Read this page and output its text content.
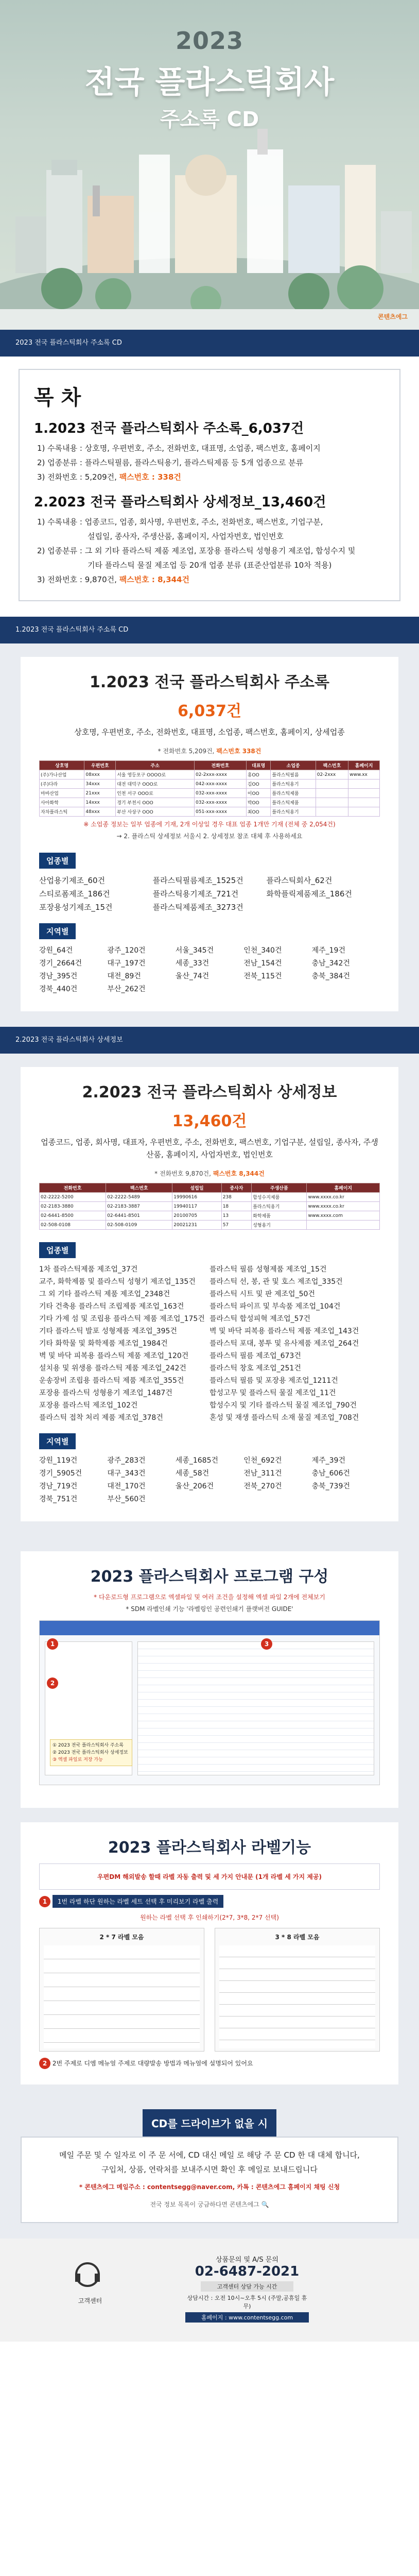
2023
전국 플라스틱회사
주소록 CD
콘텐츠에그
2023 전국 플라스틱회사 주소록 CD
목 차
1.2023 전국 플라스틱회사 주소록_6,037건

1) 수록내용 : 상호명, 우편번호, 주소, 전화번호, 대표명, 소업종, 팩스번호, 홈페이지

2) 업종분류 : 플라스틱필름, 플라스틱용기, 플라스틱제품 등 5개 업종으로 분류

3) 전화번호 : 5,209건, 팩스번호 : 338건

2.2023 전국 플라스틱회사 상세정보_13,460건

1) 수록내용 : 업종코드, 업종, 회사명, 우편번호, 주소, 전화번호, 팩스번호, 기업구분,

설립일, 종사자, 주생산품, 홈페이지, 사업자번호, 법인번호

2) 업종분류 : 그 외 기타 플라스틱 제품 제조업, 포장용 플라스틱 성형용기 제조업, 합성수지 및

기타 플라스틱 물질 제조업 등 20개 업종 분류 (표준산업분류 10차 적용)

3) 전화번호 : 9,870건, 팩스번호 : 8,344건

1.2023 전국 플라스틱회사 주소록 CD
1.2023 전국 플라스틱회사 주소록
6,037건
상호명, 우편번호, 주소, 전화번호, 대표명, 소업종, 팩스번호, 홈페이지, 상세업종
* 전화번호 5,209건, 팩스번호 338건
상호명	우편번호	주소	전화번호	대표명	소업종	팩스번호	홈페이지
(주)가나산업	08xxx	서울 영등포구 OOOO로	02-2xxx-xxxx	홍OO	플라스틱필름	02-2xxx	www.xx
(주)다라	34xxx	대전 대덕구 OOO로	042-xxx-xxxx	김OO	플라스틱용기		
마바산업	21xxx	인천 서구 OOO로	032-xxx-xxxx	이OO	플라스틱제품		
사아화학	14xxx	경기 부천시 OOO	032-xxx-xxxx	박OO	플라스틱제품		
자차플라스틱	48xxx	부산 사상구 OOO	051-xxx-xxxx	최OO	플라스틱용기		
※ 소업종 정보는 일부 업종에 기재, 2개 이상일 경우 대표 업종 1개만 기재 (전체 중 2,054건)
→ 2. 플라스틱 상세정보 서울시 2. 상세정보 참조 대체 후 사용하세요
업종별
산업용기제조_60건	플라스틱필름제조_1525건	플라스틱회사_62건
스티로폼제조_186건	플라스틱용기제조_721건	화학플릭제품제조_186건
포장용성기제조_15건	플라스틱제품제조_3273건
지역별
강원_64건	광주_120건	서울_345건	인천_340건	제주_19건
경기_2664건	대구_197건	세종_33건	전남_154건	충남_342건
경남_395건	대전_89건	울산_74건	전북_115건	충북_384건
경북_440건	부산_262건
2.2023 전국 플라스틱회사 상세정보
2.2023 전국 플라스틱회사 상세정보
13,460건
업종코드, 업종, 회사명, 대표자, 우편번호, 주소, 전화번호, 팩스번호, 기업구분, 설립일, 종사자, 주생산품, 홈페이지, 사업자번호, 법인번호
* 전화번호 9,870건, 팩스번호 8,344건
전화번호	팩스번호	설립일	종사자	주생산품	홈페이지
02-2222-5200	02-2222-5489	19990616	238	합성수지제품	www.xxxx.co.kr
02-2183-3880	02-2183-3887	19940117	18	플라스틱용기	www.xxxx.co.kr
02-6441-8500	02-6441-8501	20100705	13	화학제품	www.xxxx.com
02-508-0108	02-508-0109	20021231	57	성형용기	
업종별
1차 플라스틱제품 제조업_37건	플라스틱 필름 성형제품 제조업_15건
교주, 화학제품 및 플라스틱 성형기 제조업_135건	플라스틱 선, 봉, 관 및 호스 제조업_335건
그 외 기타 플라스틱 제품 제조업_2348건	플라스틱 시트 및 판 제조업_50건
기타 건축용 플라스틱 조립제품 제조업_163건	플라스틱 파이프 및 부속품 제조업_104건
기타 가제 섬 및 조립용 플라스틱 제품 제조업_175건 플라스틱 합성피혁 제조업_57건
기타 플라스틱 발포 성형제품 제조업_395건	벽 및 바닥 피복용 플라스틱 제품 제조업_143건
기타 화학물 및 화학제품 제조업_1984건	플라스틱 포대, 봉투 및 유사제품 제조업_264건
벽 및 바닥 피복용 플라스틱 제품 제조업_120건	플라스틱 필름 제조업_673건
설치용 및 위생용 플라스틱 제품 제조업_242건	플라스틱 창호 제조업_251건
운송장비 조립용 플라스틱 제품 제조업_355건	플라스틱 필름 및 포장용 제조업_1211건
포장용 플라스틱 성형용기 제조업_1487건	합성고무 및 플라스틱 물질 제조업_11건
포장용 플라스틱 제조업_102건	합성수지 및 기타 플라스틱 물질 제조업_790건
플라스틱 접착 처리 제품 제조업_378건	혼성 및 재생 플라스틱 소재 물질 제조업_708건
지역별
강원_119건	광주_283건	세종_1685건	인천_692건	제주_39건
경기_5905건	대구_343건	세종_58건	전남_311건	충남_606건
경남_719건	대전_170건	울산_206건	전북_270건	충북_739건
경북_751건	부산_560건
2023 플라스틱회사 프로그램 구성
* 다운로드형 프로그램으로 엑셀파일 및 여러 조건을 설정해 엑셀 파일 2개에 전체보기
* SDM 라벨인쇄 기능 '라벨링인 공련인쇄기 플랫버전 GUIDE'
1
2
3
① 2023 전국 플라스틱회사 주소록
② 2023 전국 플라스틱회사 상세정보
③ 엑셀 파일로 저장 가능
2023 플라스틱회사 라벨기능
우편DM 해외발송 할때 라벨 자동 출력 및 세 가지 안내문 (1개 라벨 세 가지 제공)
1 1번 라벨 하단 원하는 라벨 세트 선택 후 미리보기 라벨 출력
원하는 라벨 선택 후 인쇄하기(2*7, 3*8, 2*7 선택)
2 * 7 라벨 모음	3 * 8 라벨 모음
2 2번 주제로 디엠 메뉴얼 주제로 대량발송 방법과 메뉴얼에 설명되어 있어요
CD를 드라이브가 없을 시
메일 주문 및 수 일자로 이 주 문 서에, CD 대신 메일 로 해당 주 문 CD 한 대 대체 합니다,
구입처, 상품, 연락처를 보내주시면 확인 후 메일로 보내드립니다
* 콘텐츠에그 메일주소 : contentsegg@naver.com, 카톡 : 콘텐츠에그 홈페이지 채팅 신청
전국 정보 목록이 궁금하다면 콘텐츠에그 🔍
고객센터
상품문의 및 A/S 문의
02-6487-2021
고객센터 상담 가능 시간
상담시간 : 오전 10시~오후 5시 (주말,공휴일 휴무)
홈페이지 : www.contentsegg.com
